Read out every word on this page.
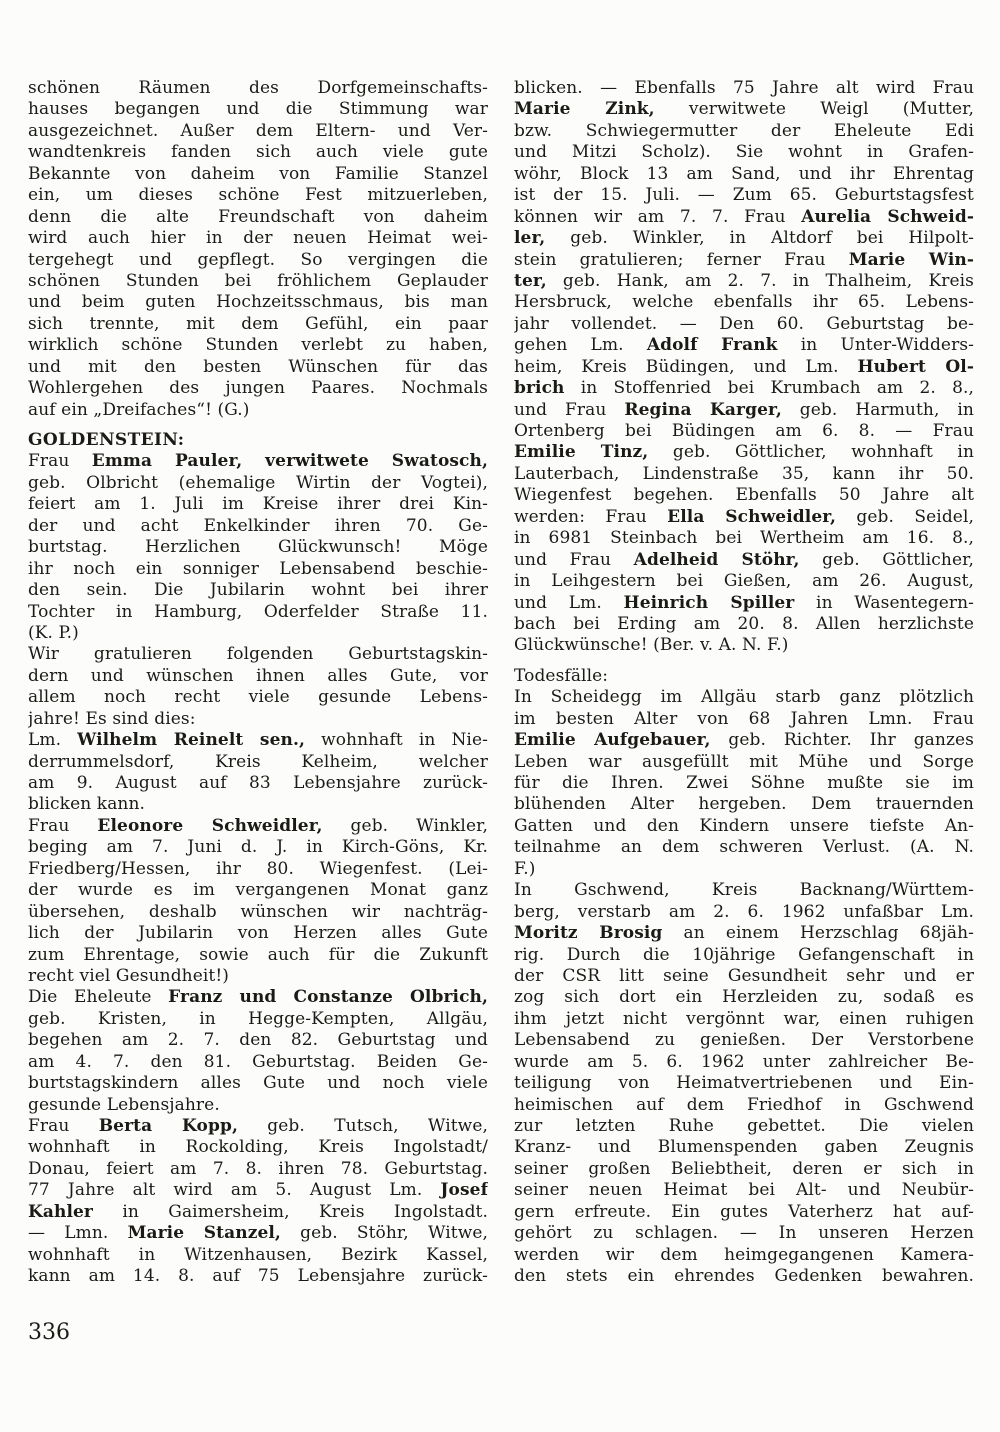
schönen Räumen des Dorfgemeinschafts-
hauses begangen und die Stimmung war
ausgezeichnet. Außer dem Eltern- und Ver-
wandtenkreis fanden sich auch viele gute
Bekannte von daheim von Familie Stanzel
ein, um dieses schöne Fest mitzuerleben,
denn die alte Freundschaft von daheim
wird auch hier in der neuen Heimat wei-
tergehegt und gepflegt. So vergingen die
schönen Stunden bei fröhlichem Geplauder
und beim guten Hochzeitsschmaus, bis man
sich trennte, mit dem Gefühl, ein paar
wirklich schöne Stunden verlebt zu haben,
und mit den besten Wünschen für das
Wohlergehen des jungen Paares. Nochmals
auf ein „Dreifaches“! (G.)
GOLDENSTEIN:
Frau Emma Pauler, verwitwete Swatosch,
geb. Olbricht (ehemalige Wirtin der Vogtei),
feiert am 1. Juli im Kreise ihrer drei Kin-
der und acht Enkelkinder ihren 70. Ge-
burtstag. Herzlichen Glückwunsch! Möge
ihr noch ein sonniger Lebensabend beschie-
den sein. Die Jubilarin wohnt bei ihrer
Tochter in Hamburg, Oderfelder Straße 11.
(K. P.)
Wir gratulieren folgenden Geburtstagskin-
dern und wünschen ihnen alles Gute, vor
allem noch recht viele gesunde Lebens-
jahre! Es sind dies:
Lm. Wilhelm Reinelt sen., wohnhaft in Nie-
derrummelsdorf, Kreis Kelheim, welcher
am 9. August auf 83 Lebensjahre zurück-
blicken kann.
Frau Eleonore Schweidler, geb. Winkler,
beging am 7. Juni d. J. in Kirch-Göns, Kr.
Friedberg/Hessen, ihr 80. Wiegenfest. (Lei-
der wurde es im vergangenen Monat ganz
übersehen, deshalb wünschen wir nachträg-
lich der Jubilarin von Herzen alles Gute
zum Ehrentage, sowie auch für die Zukunft
recht viel Gesundheit!)
Die Eheleute Franz und Constanze Olbrich,
geb. Kristen, in Hegge-Kempten, Allgäu,
begehen am 2. 7. den 82. Geburtstag und
am 4. 7. den 81. Geburtstag. Beiden Ge-
burtstagskindern alles Gute und noch viele
gesunde Lebensjahre.
Frau Berta Kopp, geb. Tutsch, Witwe,
wohnhaft in Rockolding, Kreis Ingolstadt/
Donau, feiert am 7. 8. ihren 78. Geburtstag.
77 Jahre alt wird am 5. August Lm. Josef
Kahler in Gaimersheim, Kreis Ingolstadt.
— Lmn. Marie Stanzel, geb. Stöhr, Witwe,
wohnhaft in Witzenhausen, Bezirk Kassel,
kann am 14. 8. auf 75 Lebensjahre zurück-
blicken. — Ebenfalls 75 Jahre alt wird Frau
Marie Zink, verwitwete Weigl (Mutter,
bzw. Schwiegermutter der Eheleute Edi
und Mitzi Scholz). Sie wohnt in Grafen-
wöhr, Block 13 am Sand, und ihr Ehrentag
ist der 15. Juli. — Zum 65. Geburtstagsfest
können wir am 7. 7. Frau Aurelia Schweid-
ler, geb. Winkler, in Altdorf bei Hilpolt-
stein gratulieren; ferner Frau Marie Win-
ter, geb. Hank, am 2. 7. in Thalheim, Kreis
Hersbruck, welche ebenfalls ihr 65. Lebens-
jahr vollendet. — Den 60. Geburtstag be-
gehen Lm. Adolf Frank in Unter-Widders-
heim, Kreis Büdingen, und Lm. Hubert Ol-
brich in Stoffenried bei Krumbach am 2. 8.,
und Frau Regina Karger, geb. Harmuth, in
Ortenberg bei Büdingen am 6. 8. — Frau
Emilie Tinz, geb. Göttlicher, wohnhaft in
Lauterbach, Lindenstraße 35, kann ihr 50.
Wiegenfest begehen. Ebenfalls 50 Jahre alt
werden: Frau Ella Schweidler, geb. Seidel,
in 6981 Steinbach bei Wertheim am 16. 8.,
und Frau Adelheid Stöhr, geb. Göttlicher,
in Leihgestern bei Gießen, am 26. August,
und Lm. Heinrich Spiller in Wasentegern-
bach bei Erding am 20. 8. Allen herzlichste
Glückwünsche! (Ber. v. A. N. F.)
Todesfälle:
In Scheidegg im Allgäu starb ganz plötzlich
im besten Alter von 68 Jahren Lmn. Frau
Emilie Aufgebauer, geb. Richter. Ihr ganzes
Leben war ausgefüllt mit Mühe und Sorge
für die Ihren. Zwei Söhne mußte sie im
blühenden Alter hergeben. Dem trauernden
Gatten und den Kindern unsere tiefste An-
teilnahme an dem schweren Verlust. (A. N.
F.)
In Gschwend, Kreis Backnang/Württem-
berg, verstarb am 2. 6. 1962 unfaßbar Lm.
Moritz Brosig an einem Herzschlag 68jäh-
rig. Durch die 10jährige Gefangenschaft in
der CSR litt seine Gesundheit sehr und er
zog sich dort ein Herzleiden zu, sodaß es
ihm jetzt nicht vergönnt war, einen ruhigen
Lebensabend zu genießen. Der Verstorbene
wurde am 5. 6. 1962 unter zahlreicher Be-
teiligung von Heimatvertriebenen und Ein-
heimischen auf dem Friedhof in Gschwend
zur letzten Ruhe gebettet. Die vielen
Kranz- und Blumenspenden gaben Zeugnis
seiner großen Beliebtheit, deren er sich in
seiner neuen Heimat bei Alt- und Neubür-
gern erfreute. Ein gutes Vaterherz hat auf-
gehört zu schlagen. — In unseren Herzen
werden wir dem heimgegangenen Kamera-
den stets ein ehrendes Gedenken bewahren.
336
